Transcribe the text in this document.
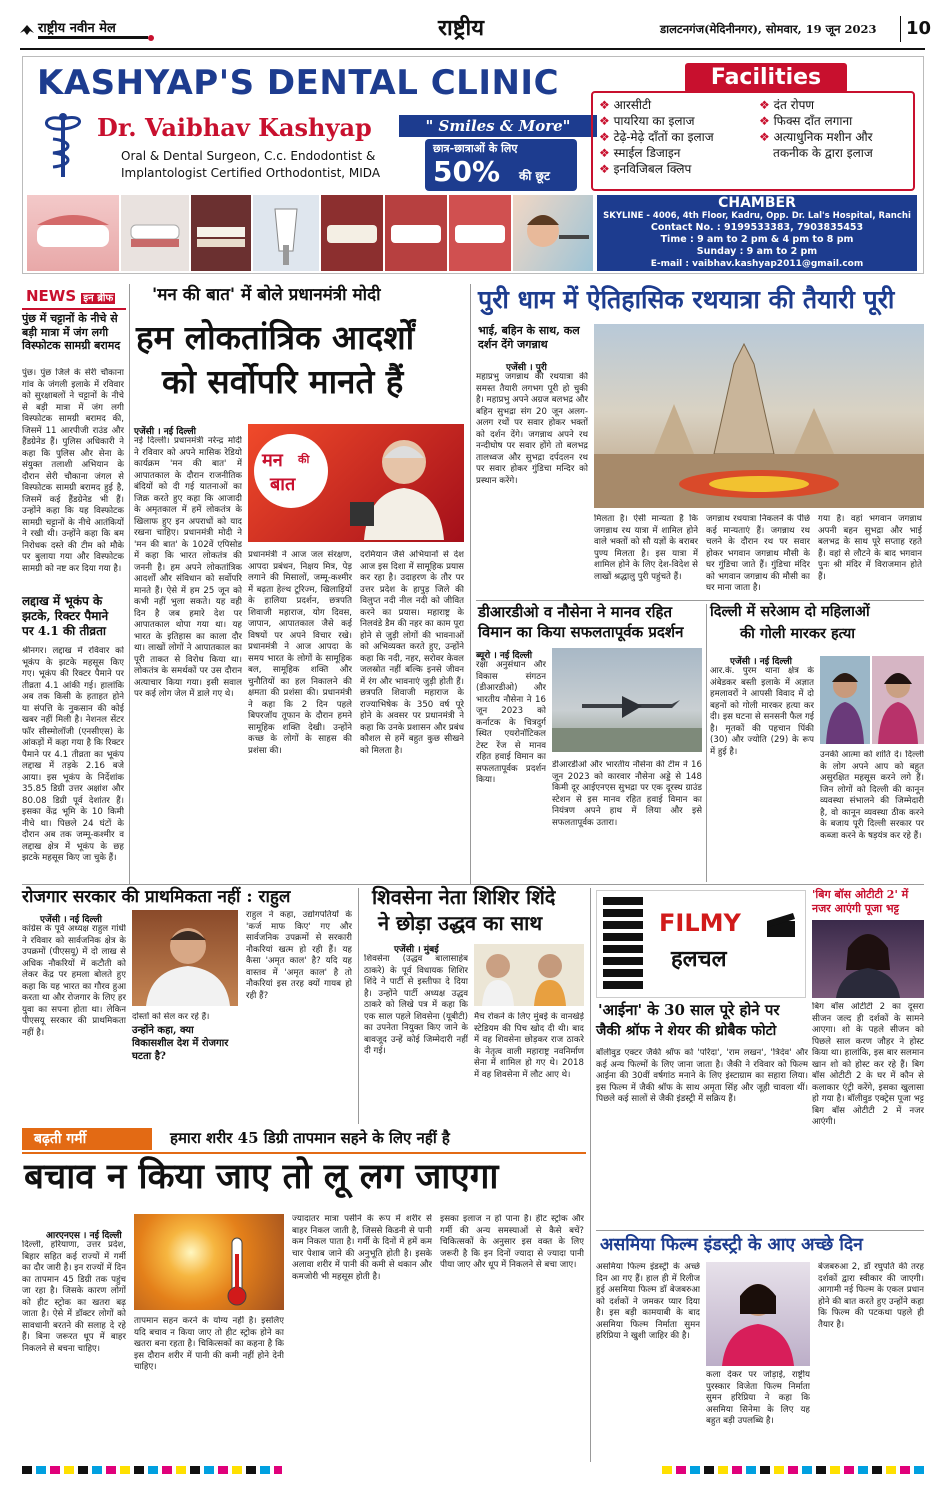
राष्ट्रीय नवीन मेल	राष्ट्रीय	डालटनगंज(मेदिनीनगर), सोमवार, 19 जून 2023 10
KASHYAP'S DENTAL CLINIC
Dr. Vaibhav Kashyap	" Smiles & More"
Oral & Dental Surgeon, C.c. Endodontist &
Implantologist Certified Orthodontist, MIDA
छात्र-छात्राओं के लिए
50% की छूट
Facilities
❖ आरसीटी
❖ पायरिया का इलाज
❖ टेढ़े-मेढ़े दाँतों का इलाज
❖ स्माईल डिजाइन
❖ इनविजिबल क्लिप
❖ दंत रोपण
❖ फिक्स दाँत लगाना
❖ अत्याधुनिक मशीन और
तकनीक के द्वारा इलाज
CHAMBER
SKYLINE - 4006, 4th Floor, Kadru, Opp. Dr. Lal's Hospital, Ranchi
Contact No. : 9199533383, 7903835453
Time : 9 am to 2 pm & 4 pm to 8 pm
Sunday : 9 am to 2 pm
E-mail : vaibhav.kashyap2011@gmail.com
NEWS इन ब्रीफ
पुंछ में चट्टानों के नीचे से बड़ी मात्रा में जंग लगी विस्फोटक सामग्री बरामद
पुंछ। पुंछ जिले के सेरी चौकाना गांव के जंगली इलाके में रविवार को सुरक्षाबलों ने चट्टानों के नीचे से बड़ी मात्रा में जंग लगी विस्फोटक सामग्री बरामद की, जिसमें 11 आरपीजी राउंड और हैंडग्रेनेड हैं। पुलिस अधिकारी ने कहा कि पुलिस और सेना के संयुक्त तलाशी अभियान के दौरान सेरी चौकाना जंगल से विस्फोटक सामग्री बरामद हुई है, जिसमें कई हैंडग्रेनेड भी हैं। उन्होंने कहा कि यह विस्फोटक सामग्री चट्टानों के नीचे आतंकियों ने रखी थी। उन्होंने कहा कि बम निरोधक दस्ते की टीम को मौके पर बुलाया गया और विस्फोटक सामग्री को नष्ट कर दिया गया है।
लद्दाख में भूकंप के झटके, रिक्टर पैमाने पर 4.1 की तीव्रता
श्रीनगर। लद्दाख में रविवार को भूकंप के झटके महसूस किए गए। भूकंप की रिक्टर पैमाने पर तीव्रता 4.1 आंकी गई। हालांकि अब तक किसी के हताहत होने या संपत्ति के नुकसान की कोई खबर नहीं मिली है। नेशनल सेंटर फॉर सीस्मोलॉजी (एनसीएस) के आंकड़ों में कहा गया है कि रिक्टर पैमाने पर 4.1 तीव्रता का भूकंप लद्दाख में तड़के 2.16 बजे आया। इस भूकंप के निर्देशांक 35.85 डिग्री उत्तर अक्षांश और 80.08 डिग्री पूर्व देशांतर हैं। इसका केंद्र भूमि के 10 किमी नीचे था। पिछले 24 घंटों के दौरान अब तक जम्मू-कश्मीर व लद्दाख क्षेत्र में भूकंप के छह झटके महसूस किए जा चुके हैं।
'मन की बात' में बोले प्रधानमंत्री मोदी
हम लोकतांत्रिक आदर्शों
को सर्वोपरि मानते हैं
एजेंसी । नई दिल्ली
नई दिल्ली। प्रधानमंत्री नरेन्द्र मोदी ने रविवार को अपने मासिक रेडियो कार्यक्रम 'मन की बात' में आपातकाल के दौरान राजनीतिक बंदियों को दी गई यातनाओं का जिक्र करते हुए कहा कि आजादी के अमृतकाल में हमें लोकतंत्र के खिलाफ हुए इन अपराधों को याद रखना चाहिए। प्रधानमंत्री मोदी ने 'मन की बात' के 102वें एपिसोड में कहा कि भारत लोकतंत्र की जननी है। हम अपने लोकतांत्रिक आदर्शों और संविधान को सर्वोपरि मानते हैं। ऐसे में हम 25 जून को कभी नहीं भुला सकते। यह वही दिन है जब हमारे देश पर आपातकाल थोपा गया था। यह भारत के इतिहास का काला दौर था। लाखों लोगों ने आपातकाल का पूरी ताकत से विरोध किया था। लोकतंत्र के समर्थकों पर उस दौरान अत्याचार किया गया। इसी सवाल पर कई लोग जेल में डाले गए थे।
मन की
बात
प्रधानमंत्री ने आज जल संरक्षण, आपदा प्रबंधन, निक्षय मित्र, पेड़ लगाने की मिसालों, जम्मू-कश्मीर में बढ़ता हेल्थ टूरिज्म, खिलाड़ियों के हालिया प्रदर्शन, छत्रपति शिवाजी महाराज, योग दिवस, जापान, आपातकाल जैसे कई विषयों पर अपने विचार रखे। प्रधानमंत्री ने आज आपदा के समय भारत के लोगों के सामूहिक बल, सामूहिक शक्ति और चुनौतियों का हल निकालने की क्षमता की प्रशंसा की। प्रधानमंत्री ने कहा कि 2 दिन पहले बिपरजॉय तूफान के दौरान हमने सामूहिक शक्ति देखी। उन्होंने कच्छ के लोगों के साहस की प्रशंसा की।
दरमियान जैसे अभियानों से देश आज इस दिशा में सामूहिक प्रयास कर रहा है। उदाहरण के तौर पर उत्तर प्रदेश के हापुड़ जिले की विलुप्त नदी नील नदी को जीवित करने का प्रयास। महाराष्ट्र के निलवंडे डैम की नहर का काम पूरा होने से जुड़ी लोगों की भावनाओं को अभिव्यक्त करते हुए, उन्होंने कहा कि नदी, नहर, सरोवर केवल जलस्रोत नहीं बल्कि इनसे जीवन में रंग और भावनाएं जुड़ी होती हैं। छत्रपति शिवाजी महाराज के राज्याभिषेक के 350 वर्ष पूरे होने के अवसर पर प्रधानमंत्री ने कहा कि उनके प्रशासन और प्रबंध कौशल से हमें बहुत कुछ सीखने को मिलता है।
पुरी धाम में ऐतिहासिक रथयात्रा की तैयारी पूरी
भाई, बहिन के साथ, कल दर्शन देंगे जगन्नाथ
एजेंसी । पुरी
महाप्रभु जगन्नाथ की रथयात्रा की समस्त तैयारी लगभग पूरी हो चुकी है। महाप्रभु अपने अग्रज बलभद्र और बहिन सुभद्रा संग 20 जून अलग-अलग रथों पर सवार होकर भक्तों को दर्शन देंगे। जगन्नाथ अपने रथ नन्दीघोष पर सवार होंगे तो बलभद्र तालध्वज और सुभद्रा दर्पदलन रथ पर सवार होकर गुंडिचा मन्दिर को प्रस्थान करेंगे।
मिलता है। ऐसी मान्यता है कि जगन्नाथ रथ यात्रा में शामिल होने वाले भक्तों को सौ यज्ञों के बराबर पुण्य मिलता है। इस यात्रा में शामिल होने के लिए देश-विदेश से लाखों श्रद्धालु पुरी पहुंचते हैं।
जगन्नाथ रथयात्रा निकलने के पीछे कई मान्यताएं हैं। जगन्नाथ रथ चलने के दौरान रथ पर सवार होकर भगवान जगन्नाथ मौसी के घर गुंडिचा जाते हैं। गुंडिचा मंदिर को भगवान जगन्नाथ की मौसी का घर माना जाता है।
गया है। वहां भगवान जगन्नाथ अपनी बहन सुभद्रा और भाई बलभद्र के साथ पूरे सप्ताह रहते हैं। वहां से लौटने के बाद भगवान पुनः श्री मंदिर में विराजमान होते हैं।
डीआरडीओ व नौसेना ने मानव रहित
विमान का किया सफलतापूर्वक प्रदर्शन
ब्यूरो । नई दिल्ली
रक्षा अनुसंधान और विकास संगठन (डीआरडीओ) और भारतीय नौसेना ने 16 जून 2023 को कर्नाटक के चित्रदुर्ग स्थित एयरोनॉटिकल टेस्ट रेंज से मानव रहित हवाई विमान का सफलतापूर्वक प्रदर्शन किया।
डीआरडीओ और भारतीय नौसेना की टीम ने 16 जून 2023 को कारवार नौसेना अड्डे से 148 किमी दूर आईएनएस सुभद्रा पर एक दूरस्थ ग्राउंड स्टेशन से इस मानव रहित हवाई विमान का नियंत्रण अपने हाथ में लिया और इसे सफलतापूर्वक उतारा।
दिल्ली में सरेआम दो महिलाओं
की गोली मारकर हत्या
एजेंसी । नई दिल्ली
आर.के. पुरम थाना क्षेत्र के अंबेडकर बस्ती इलाके में अज्ञात हमलावरों ने आपसी विवाद में दो बहनों को गोली मारकर हत्या कर दी। इस घटना से सनसनी फैल गई है। मृतकों की पहचान पिंकी (30) और ज्योति (29) के रूप में हुई है।	उनकी आत्मा को शांति दे। दिल्ली के लोग अपने आप को बहुत असुरक्षित महसूस करने लगे हैं। जिन लोगों को दिल्ली की कानून व्यवस्था संभालने की जिम्मेदारी है, वो कानून व्यवस्था ठीक करने के बजाय पूरी दिल्ली सरकार पर कब्जा करने के षड़यंत्र कर रहे हैं।
रोजगार सरकार की प्राथमिकता नहीं : राहुल
एजेंसी । नई दिल्ली
कांग्रेस के पूर्व अध्यक्ष राहुल गांधी ने रविवार को सार्वजनिक क्षेत्र के उपक्रमों (पीएसयू) में दो लाख से अधिक नौकरियों में कटौती को लेकर केंद्र पर हमला बोलते हुए कहा कि यह भारत का गौरव हुआ करता था और रोजगार के लिए हर युवा का सपना होता था। लेकिन पीएसयू सरकार की प्राथमिकता नहीं है।	उन्होंने कहा, क्या विकासशील देश में रोजगार घटता है?
दोस्तों को सेल कर रहे हैं।
राहुल ने कहा, उद्योगपतियों के 'कर्ज माफ किए' गए और सार्वजनिक उपक्रमों से सरकारी नौकरियां खत्म हो रही हैं। यह कैसा 'अमृत काल' है? यदि यह वास्तव में 'अमृत काल' है तो नौकरियां इस तरह क्यों गायब हो रही हैं?
शिवसेना नेता शिशिर शिंदे
ने छोड़ा उद्धव का साथ
एजेंसी । मुंबई
शिवसेना (उद्धव बालासाहेब ठाकरे) के पूर्व विधायक शिशिर शिंदे ने पार्टी से इस्तीफा दे दिया है। उन्होंने पार्टी अध्यक्ष उद्धव ठाकरे को लिखे पत्र में कहा कि एक साल पहले शिवसेना (यूबीटी) का उपनेता नियुक्त किए जाने के बावजूद उन्हें कोई जिम्मेदारी नहीं दी गई।
मैच रोकने के लिए मुंबई के वानखेड़े स्टेडियम की पिच खोद दी थी। बाद में वह शिवसेना छोड़कर राज ठाकरे के नेतृत्व वाली महाराष्ट्र नवनिर्माण सेना में शामिल हो गए थे। 2018 में वह शिवसेना में लौट आए थे।
FILMY
हलचल
'बिग बॉस ओटीटी 2' में नजर आएंगी पूजा भट्ट
बिग बॉस ओटीटी 2 का दूसरा सीजन जल्द ही दर्शकों के सामने आएगा। शो के पहले सीजन को पिछले साल करण जौहर ने होस्ट किया था। हालांकि, इस बार सलमान खान शो को होस्ट कर रहे हैं। बिग बॉस ओटीटी 2 के घर में कौन से कलाकार एंट्री करेंगे, इसका खुलासा हो गया है। बॉलीवुड एक्ट्रेस पूजा भट्ट बिग बॉस ओटीटी 2 में नजर आएंगी।
'आईना' के 30 साल पूरे होने पर
जैकी श्रॉफ ने शेयर की थ्रोबैक फोटो
बॉलीवुड एक्टर जैकी श्रॉफ को 'परिंदा', 'राम लखन', 'त्रिदेव' और कई अन्य फिल्मों के लिए जाना जाता है। जैकी ने रविवार को फिल्म आईना की 30वीं वर्षगांठ मनाने के लिए इंस्टाग्राम का सहारा लिया। इस फिल्म में जैकी श्रॉफ के साथ अमृता सिंह और जूही चावला थीं। पिछले कई सालों से जैकी इंडस्ट्री में सक्रिय हैं।
बढ़ती गर्मी	हमारा शरीर 45 डिग्री तापमान सहने के लिए नहीं है
बचाव न किया जाए तो लू लग जाएगा
आरएनएस । नई दिल्ली
दिल्ली, हरियाणा, उत्तर प्रदेश, बिहार सहित कई राज्यों में गर्मी का दौर जारी है। इन राज्यों में दिन का तापमान 45 डिग्री तक पहुंच जा रहा है। जिसके कारण लोगों को हीट स्ट्रोक का खतरा बढ़ जाता है। ऐसे में डॉक्टर लोगों को सावधानी बरतने की सलाह दे रहे हैं। बिना जरूरत धूप में बाहर निकलने से बचना चाहिए।
तापमान सहन करने के योग्य नहीं है। इसलिए यदि बचाव न किया जाए तो हीट स्ट्रोक होने का खतरा बना रहता है। चिकित्सकों का कहना है कि इस दौरान शरीर में पानी की कमी नहीं होने देनी चाहिए।
ज्यादातर मात्रा पसीने के रूप में शरीर से बाहर निकल जाती है, जिससे किडनी से पानी कम निकल पाता है। गर्मी के दिनों में हमें कम चार पेशाब जाने की अनुभूति होती है। इसके अलावा शरीर में पानी की कमी से थकान और कमजोरी भी महसूस होती है।
इसका इलाज न हो पाना है। हीट स्ट्रोक और गर्मी की अन्य समस्याओं से कैसे बचें? चिकित्सकों के अनुसार इस वक्त के लिए जरूरी है कि इन दिनों ज्यादा से ज्यादा पानी पीया जाए और धूप में निकलने से बचा जाए।
असमिया फिल्म इंडस्ट्री के आए अच्छे दिन
असमिया फिल्म इंडस्ट्री के अच्छे दिन आ गए हैं। हाल ही में रिलीज हुई असमिया फिल्म डॉ बेजबरुआ को दर्शकों ने जमकर प्यार दिया है। इस बड़ी कामयाबी के बाद असमिया फिल्म निर्माता सुमन हरिप्रिया ने खुशी जाहिर की है।
कला देकर पर जोड़ाई, राष्ट्रीय पुरस्कार विजेता फिल्म निर्माता सुमन हरिप्रिया ने कहा कि असमिया सिनेमा के लिए यह बहुत बड़ी उपलब्धि है।
बेजबरुआ 2, डॉ रघुपति की तरह दर्शकों द्वारा स्वीकार की जाएगी। आगामी नई फिल्म के एकल प्रधान होने की बात करते हुए उन्होंने कहा कि फिल्म की पटकथा पहले ही तैयार है।
